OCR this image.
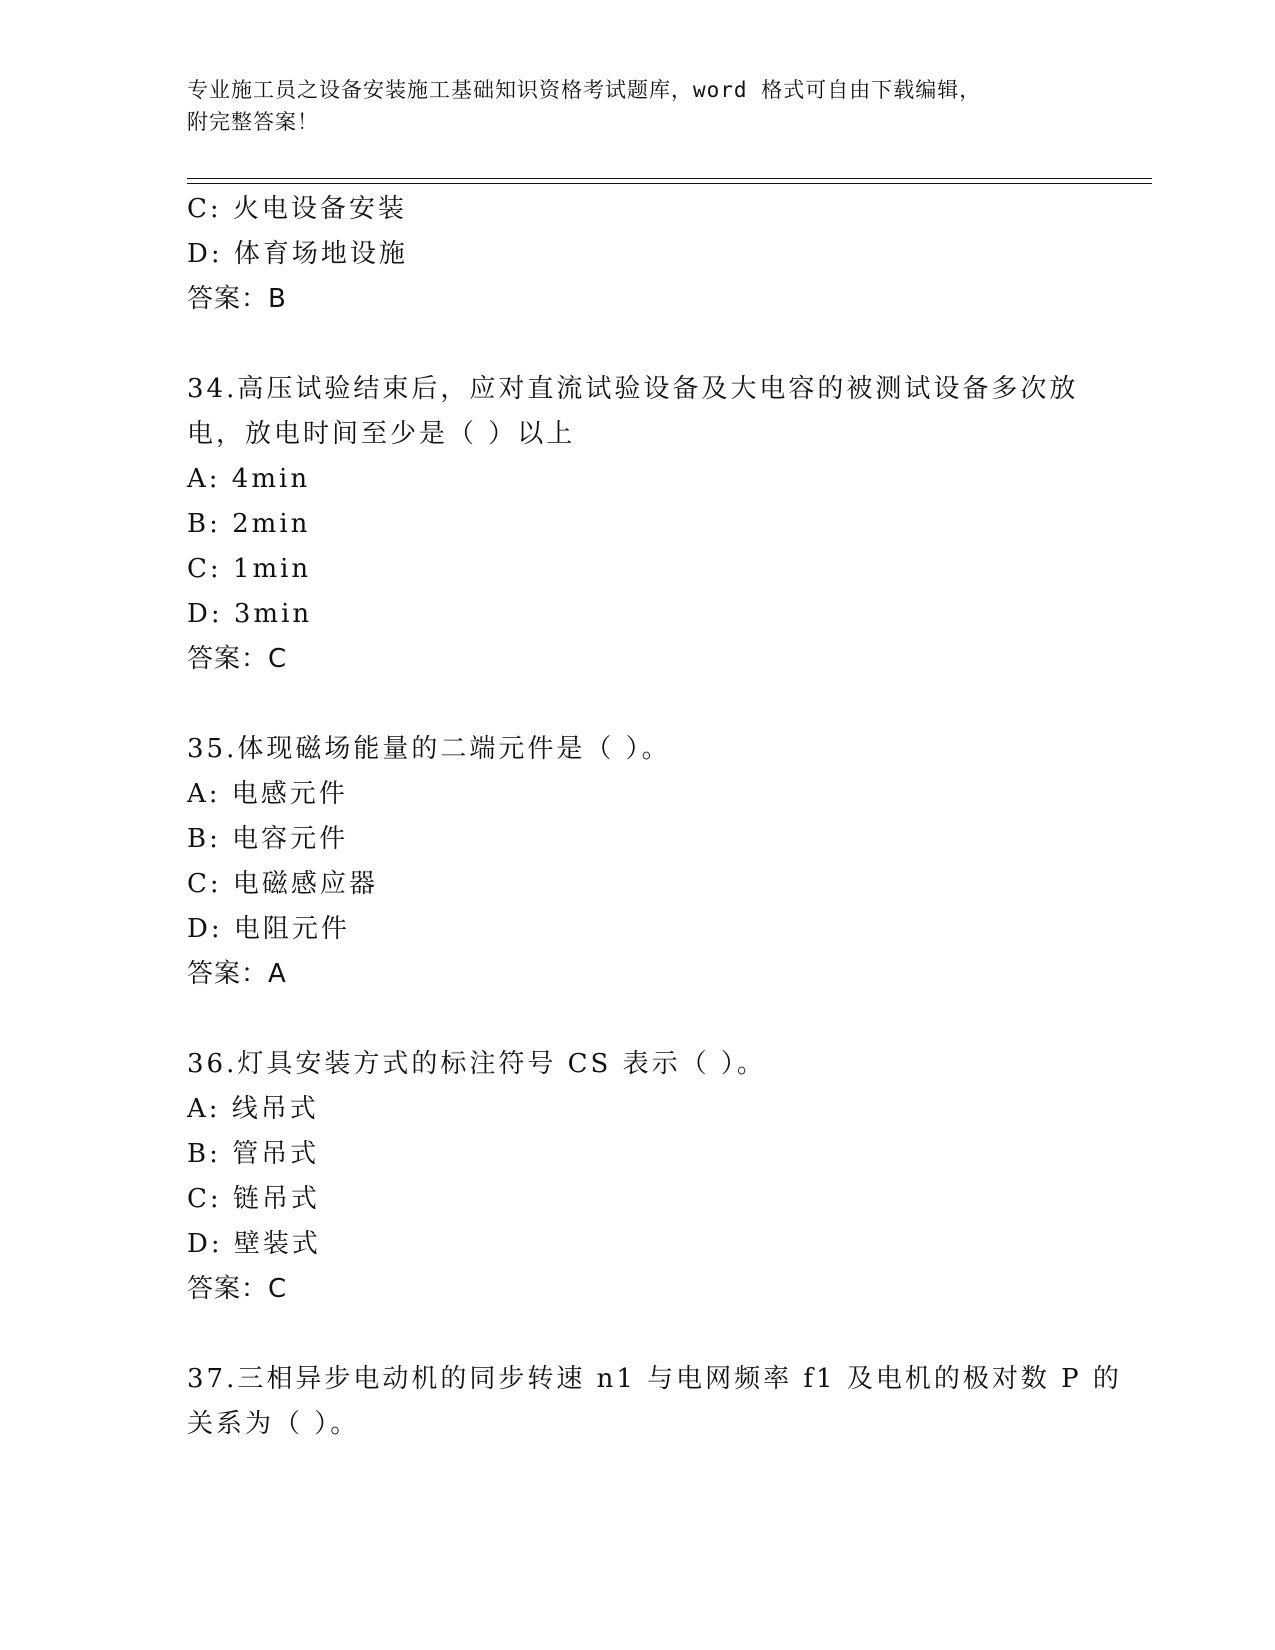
专业施工员之设备安装施工基础知识资格考试题库，word 格式可自由下载编辑，
附完整答案！
C: 火电设备安装
D: 体育场地设施
答案：B
34.高压试验结束后，应对直流试验设备及大电容的被测试设备多次放
电，放电时间至少是（ ）以上
A: 4min
B: 2min
C: 1min
D: 3min
答案：C
35.体现磁场能量的二端元件是（ ）。
A: 电感元件
B: 电容元件
C: 电磁感应器
D: 电阻元件
答案：A
36.灯具安装方式的标注符号 CS 表示（ ）。
A: 线吊式
B: 管吊式
C: 链吊式
D: 壁装式
答案：C
37.三相异步电动机的同步转速 n1 与电网频率 f1 及电机的极对数 P 的
关系为（ ）。
